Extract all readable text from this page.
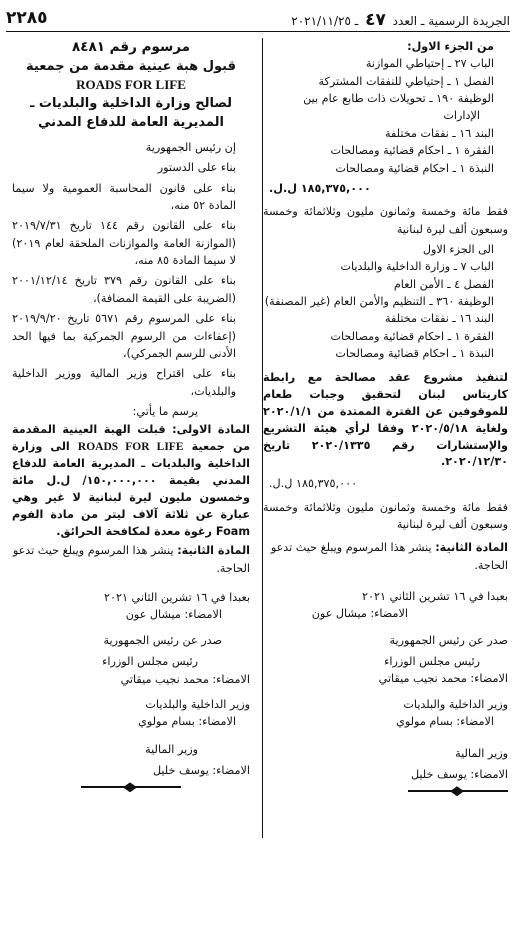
٢٢٨٥	الجريدة الرسمية ـ العدد ٤٧ ـ ٢٠٢١/١١/٢٥
من الجزء الاول:
الباب ٢٧ ـ إحتياطي الموازنة
الفصل ١ ـ إحتياطي للنفقات المشتركة
الوظيفة ١٩٠ ـ تحويلات ذات طابع عام بين
الإدارات
البند ١٦ ـ نفقات مختلفة
الفقرة ١ ـ احكام قضائية ومصالحات
النبذة ١ ـ احكام قضائية ومصالحات
١٨٥,٣٧٥,٠٠٠ ل.ل.
فقط مائة وخمسة وثمانون مليون وثلاثمائة وخمسة وسبعون ألف ليرة لبنانية
الى الجزء الاول
الباب ٧ ـ وزارة الداخلية والبلديات
الفصل ٤ ـ الأمن العام
الوظيفة ٣٦٠ ـ التنظيم والأمن العام (غير المصنفة)
البند ١٦ ـ نفقات مختلفة
الفقرة ١ ـ احكام قضائية ومصالحات
النبذة ١ ـ احكام قضائية ومصالحات
لتنفيذ مشروع عقد مصالحة مع رابطة كاريتاس لبنان لتحقيق وجبات طعام للموقوفين عن الفترة الممتدة من ٢٠٢٠/١/١ ولغاية ٢٠٢٠/٥/١٨ وفقا لرأي هيئة التشريع والإستشارات رقم ٢٠٢٠/١٣٣٥ تاريخ ٢٠٢٠/١٢/٣٠.
١٨٥,٣٧٥,٠٠٠ ل.ل.
فقط مائة وخمسة وثمانون مليون وثلاثمائة وخمسة وسبعون ألف ليرة لبنانية
المادة الثانية: ينشر هذا المرسوم ويبلغ حيث تدعو الحاجة.
بعبدا في ١٦ تشرين الثاني ٢٠٢١
الامضاء: ميشال عون
صدر عن رئيس الجمهورية
رئيس مجلس الوزراء
الامضاء: محمد نجيب ميقاتي
وزير الداخلية والبلديات
الامضاء: بسام مولوي
وزير المالية
الامضاء: يوسف خليل
مرسوم رقم ٨٤٨١
قبول هبة عينية مقدمة من جمعية
ROADS FOR LIFE
لصالح وزارة الداخلية والبلديات ـ
المديرية العامة للدفاع المدني
إن رئيس الجمهورية
بناء على الدستور
بناء على قانون المحاسبة العمومية ولا سيما المادة ٥٢ منه،
بناء على القانون رقم ١٤٤ تاريخ ٢٠١٩/٧/٣١ (الموازنة العامة والموازنات الملحقة لعام ٢٠١٩) لا سيما المادة ٨٥ منه،
بناء على القانون رقم ٣٧٩ تاريخ ٢٠٠١/١٢/١٤ (الضريبة على القيمة المضافة)،
بناء على المرسوم رقم ٥٦٧١ تاريخ ٢٠١٩/٩/٢٠ (إعفاءات من الرسوم الجمركية بما فيها الحد الأدنى للرسم الجمركي)،
بناء على اقتراح وزير المالية ووزير الداخلية والبلديات،
يرسم ما يأتي:
المادة الاولى: قبلت الهبة العينية المقدمة من جمعية ROADS FOR LIFE الى وزارة الداخلية والبلديات ـ المديرية العامة للدفاع المدني بقيمة ١٥٠,٠٠٠,٠٠٠/ ل.ل مائة وخمسون مليون ليرة لبنانية لا غير وهي عبارة عن ثلاثة آلاف ليتر من مادة الفوم Foam رغوة معدة لمكافحة الحرائق.
المادة الثانية: ينشر هذا المرسوم ويبلغ حيث تدعو الحاجة.
بعبدا في ١٦ تشرين الثاني ٢٠٢١
الامضاء: ميشال عون
صدر عن رئيس الجمهورية
رئيس مجلس الوزراء
الامضاء: محمد نجيب ميقاتي
وزير الداخلية والبلديات
الامضاء: بسام مولوي
وزير المالية
الامضاء: يوسف خليل
